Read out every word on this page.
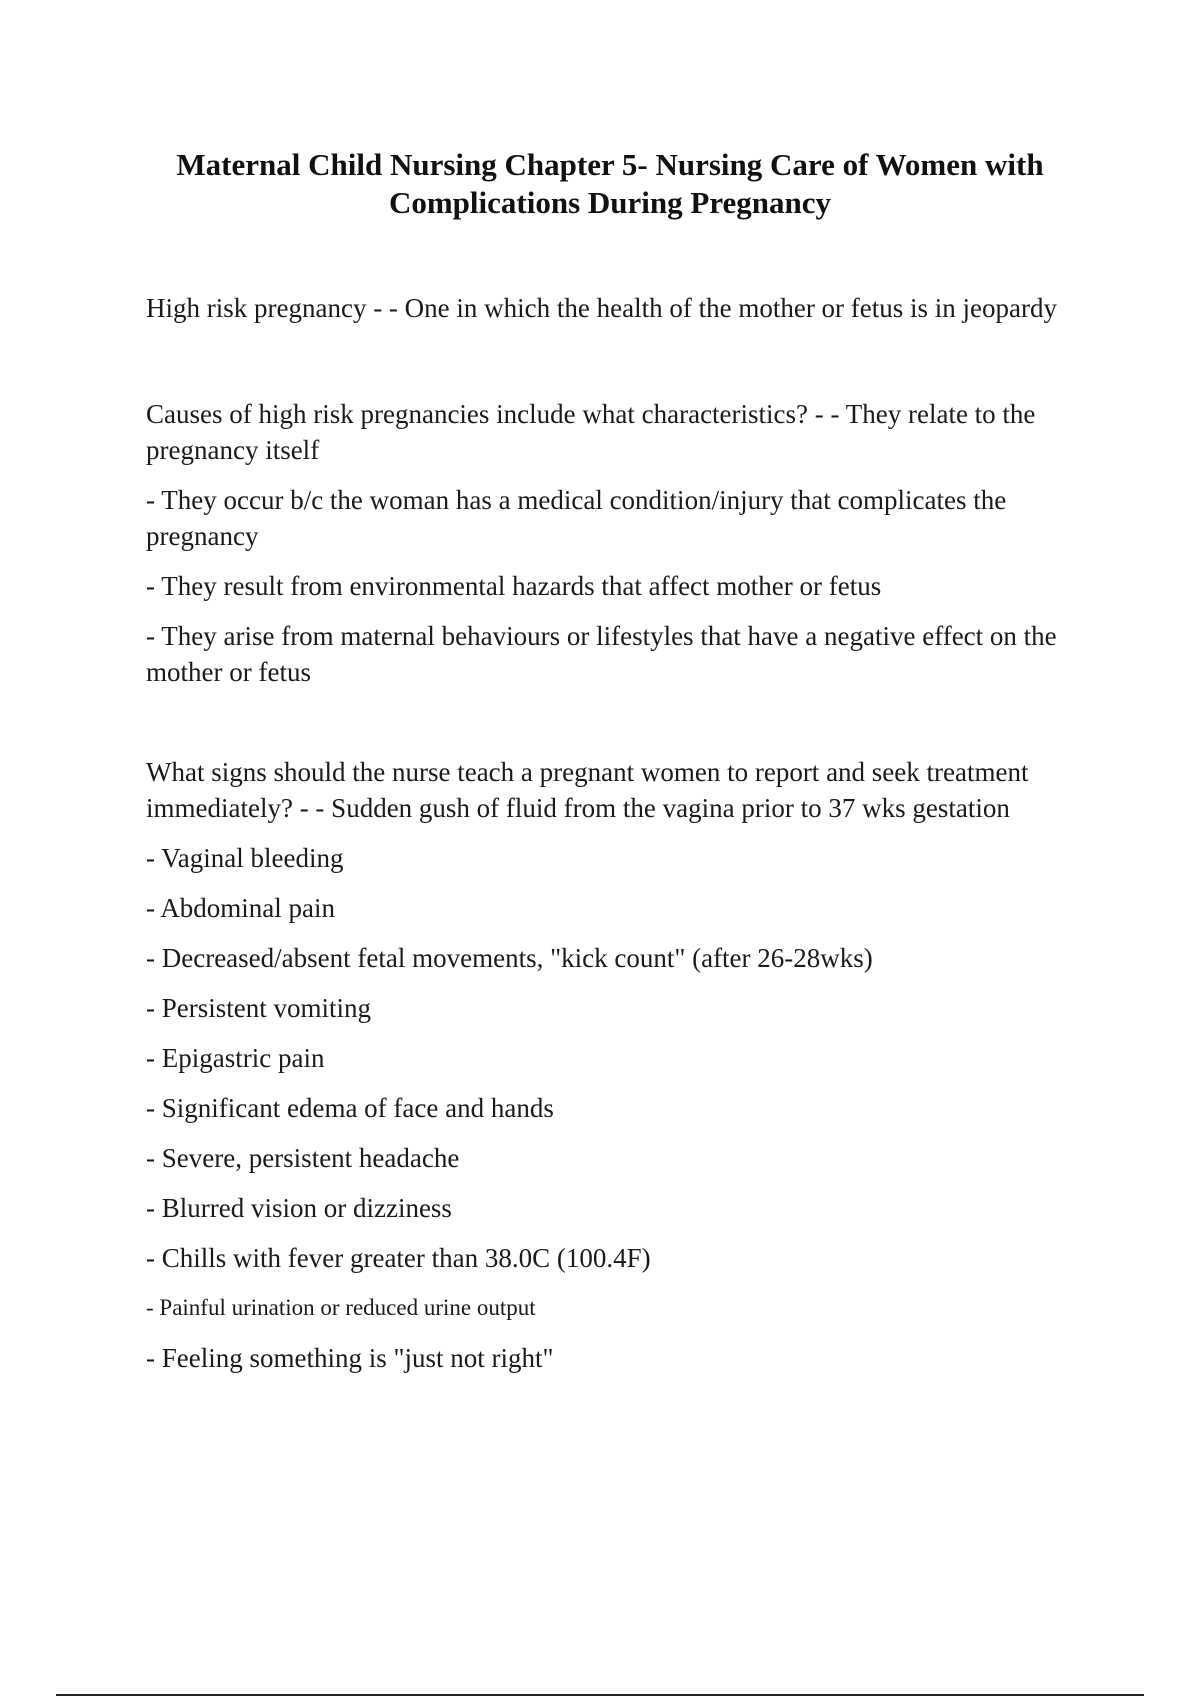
Maternal Child Nursing Chapter 5- Nursing Care of Women with Complications During Pregnancy

High risk pregnancy - - One in which the health of the mother or fetus is in jeopardy

Causes of high risk pregnancies include what characteristics? - - They relate to the pregnancy itself

- They occur b/c the woman has a medical condition/injury that complicates the pregnancy

- They result from environmental hazards that affect mother or fetus

- They arise from maternal behaviours or lifestyles that have a negative effect on the mother or fetus

What signs should the nurse teach a pregnant women to report and seek treatment immediately? - - Sudden gush of fluid from the vagina prior to 37 wks gestation

- Vaginal bleeding

- Abdominal pain

- Decreased/absent fetal movements, "kick count" (after 26-28wks)

- Persistent vomiting

- Epigastric pain

- Significant edema of face and hands

- Severe, persistent headache

- Blurred vision or dizziness

- Chills with fever greater than 38.0C (100.4F)

- Painful urination or reduced urine output

- Feeling something is "just not right"
